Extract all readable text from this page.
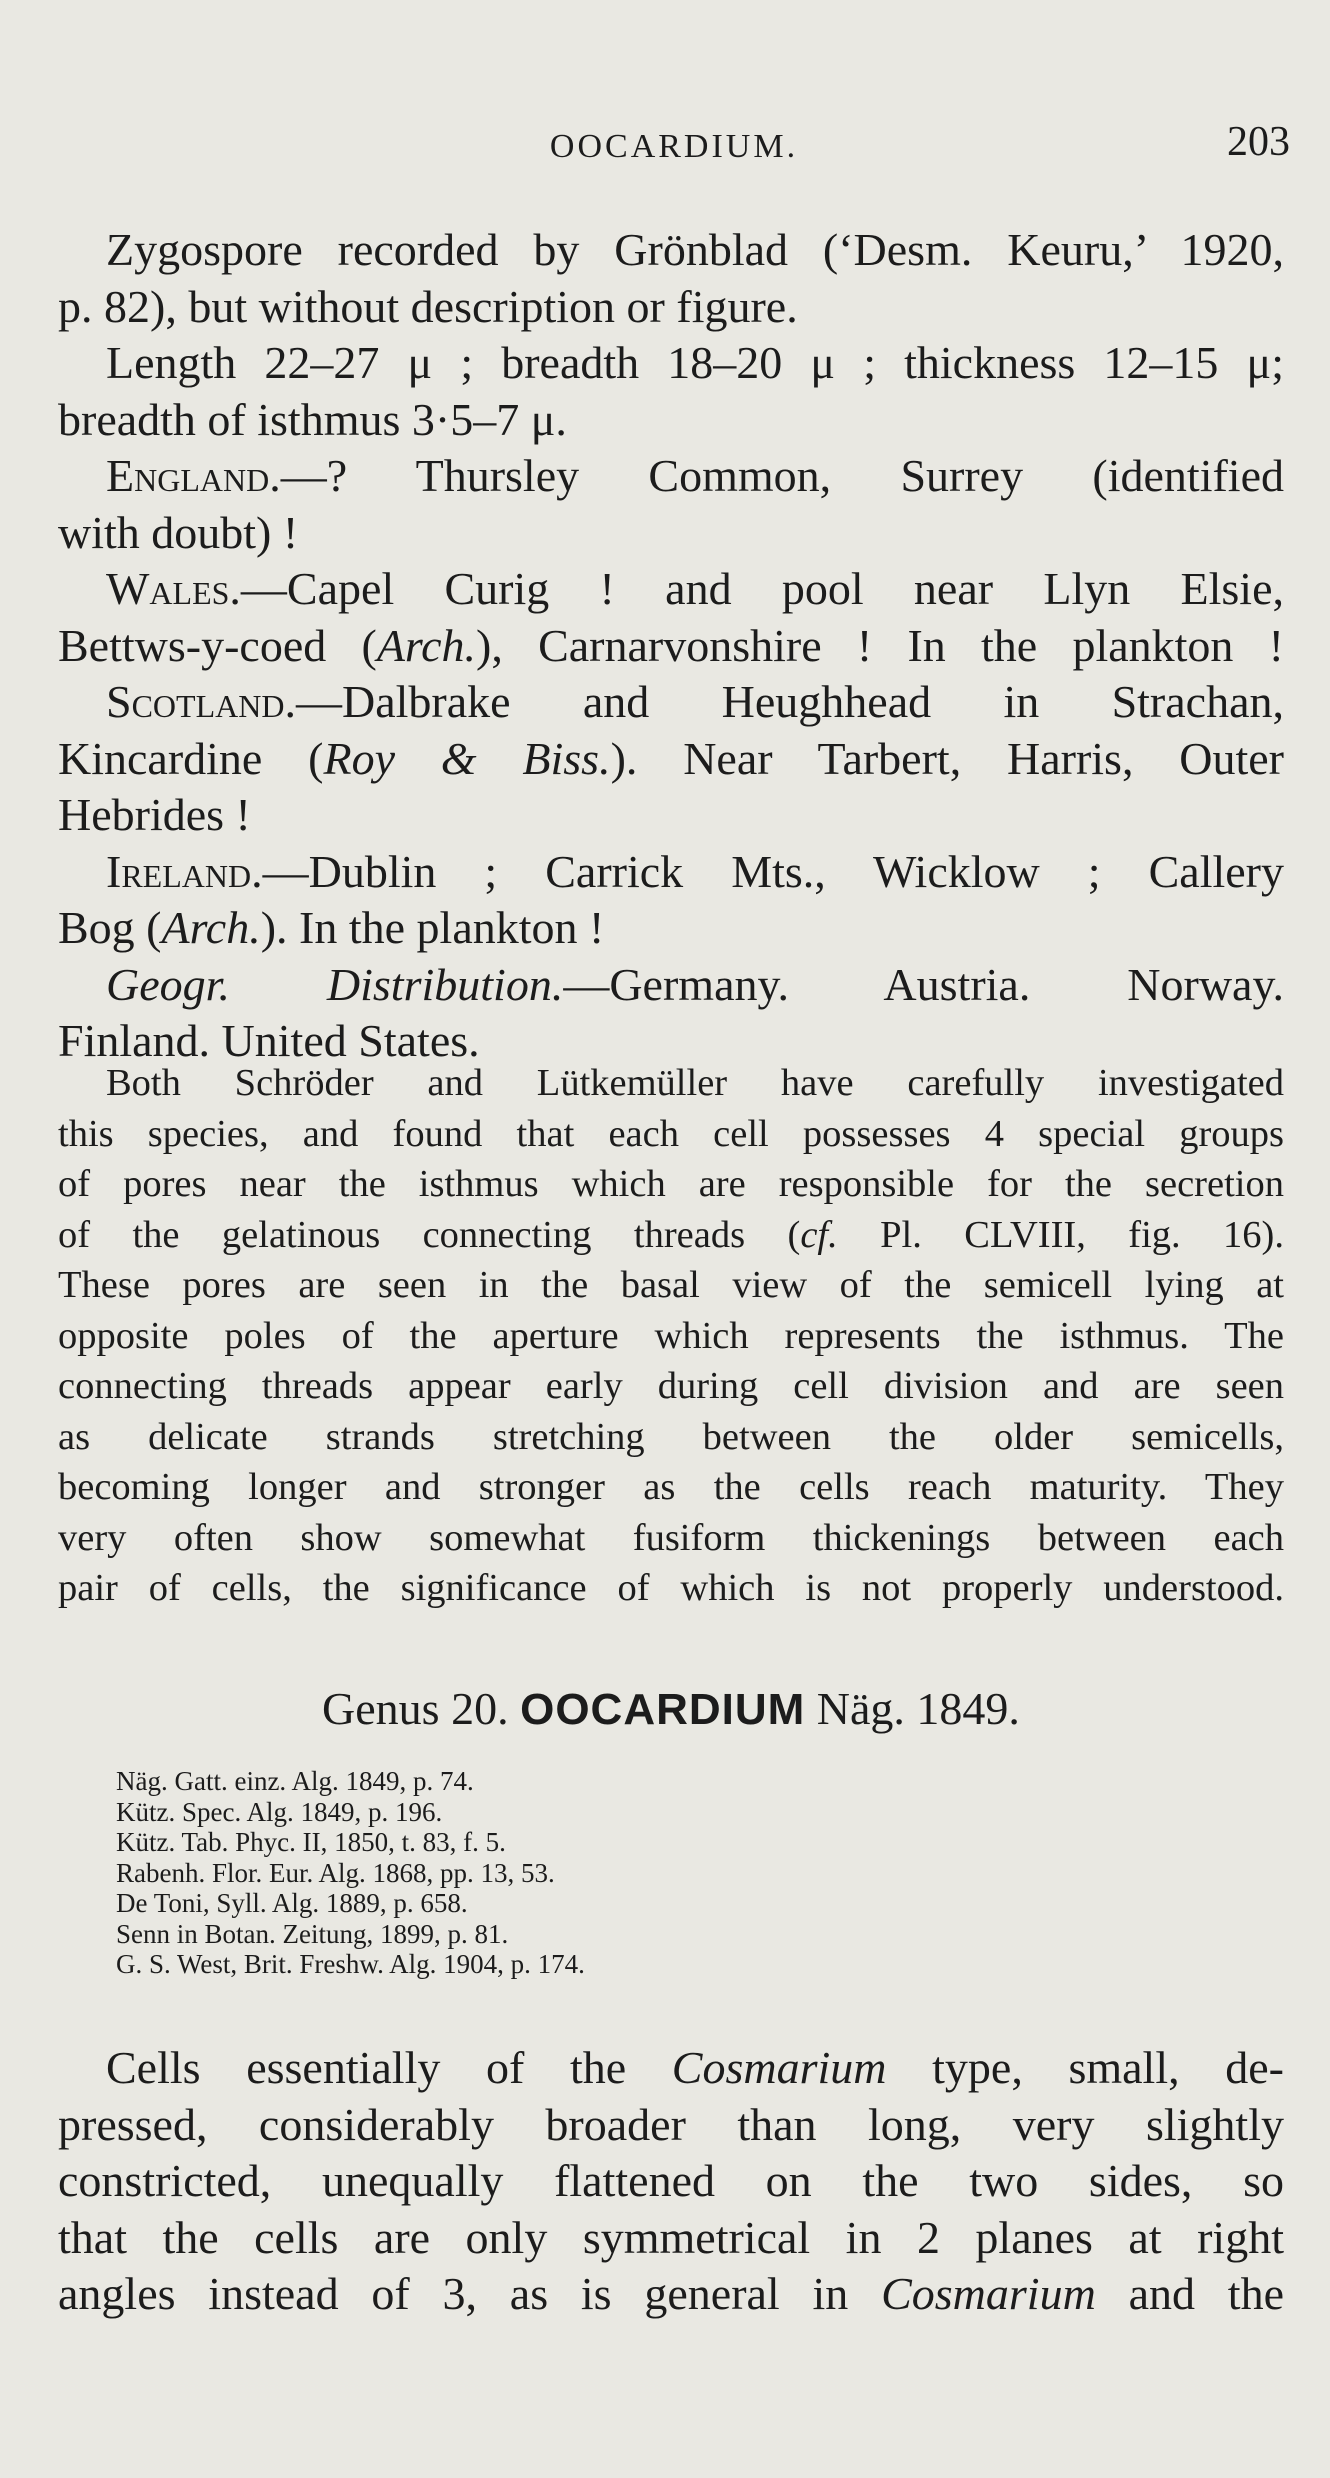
OOCARDIUM.	203
Zygospore recorded by Grönblad (‘Desm. Keuru,’ 1920,
p. 82), but without description or figure.
Length 22–27 μ ; breadth 18–20 μ ; thickness 12–15 μ;
breadth of isthmus 3·5–7 μ.
England.—? Thursley Common, Surrey (identified
with doubt) !
Wales.—Capel Curig ! and pool near Llyn Elsie,
Bettws-y-coed (Arch.), Carnarvonshire ! In the plankton !
Scotland.—Dalbrake and Heughhead in Strachan,
Kincardine (Roy & Biss.). Near Tarbert, Harris, Outer
Hebrides !
Ireland.—Dublin ; Carrick Mts., Wicklow ; Callery
Bog (Arch.). In the plankton !
Geogr. Distribution.—Germany. Austria. Norway.
Finland. United States.
Both Schröder and Lütkemüller have carefully investigated
this species, and found that each cell possesses 4 special groups
of pores near the isthmus which are responsible for the secretion
of the gelatinous connecting threads (cf. Pl. CLVIII, fig. 16).
These pores are seen in the basal view of the semicell lying at
opposite poles of the aperture which represents the isthmus. The
connecting threads appear early during cell division and are seen
as delicate strands stretching between the older semicells,
becoming longer and stronger as the cells reach maturity. They
very often show somewhat fusiform thickenings between each
pair of cells, the significance of which is not properly understood.
Genus 20. OOCARDIUM Näg. 1849.
Näg. Gatt. einz. Alg. 1849, p. 74.
Kütz. Spec. Alg. 1849, p. 196.
Kütz. Tab. Phyc. II, 1850, t. 83, f. 5.
Rabenh. Flor. Eur. Alg. 1868, pp. 13, 53.
De Toni, Syll. Alg. 1889, p. 658.
Senn in Botan. Zeitung, 1899, p. 81.
G. S. West, Brit. Freshw. Alg. 1904, p. 174.
Cells essentially of the Cosmarium type, small, de-
pressed, considerably broader than long, very slightly
constricted, unequally flattened on the two sides, so
that the cells are only symmetrical in 2 planes at right
angles instead of 3, as is general in Cosmarium and the
